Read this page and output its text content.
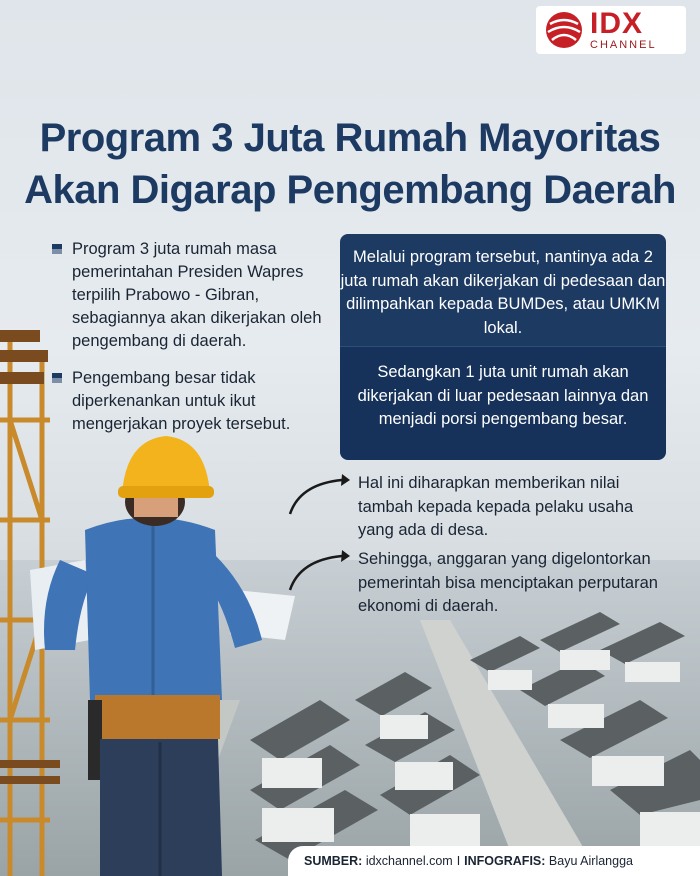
IDX
CHANNEL
Program 3 Juta Rumah Mayoritas
Akan Digarap Pengembang Daerah
Program 3 juta rumah masa pemerintahan Presiden Wapres terpilih Prabowo - Gibran, sebagiannya akan dikerjakan oleh pengembang di daerah.
Pengembang besar tidak diperkenankan untuk ikut mengerjakan proyek tersebut.
Melalui program tersebut, nantinya ada 2 juta rumah akan dikerjakan di pedesaan dan dilimpahkan kepada BUMDes, atau UMKM lokal.
Sedangkan 1 juta unit rumah akan dikerjakan di luar pedesaan lainnya dan menjadi porsi pengembang besar.
Hal ini diharapkan memberikan nilai tambah kepada kepada pelaku usaha yang ada di desa.
Sehingga, anggaran yang digelontorkan pemerintah bisa menciptakan perputaran ekonomi di daerah.
SUMBER:
idxchannel.com I INFOGRAFIS:
Bayu Airlangga
